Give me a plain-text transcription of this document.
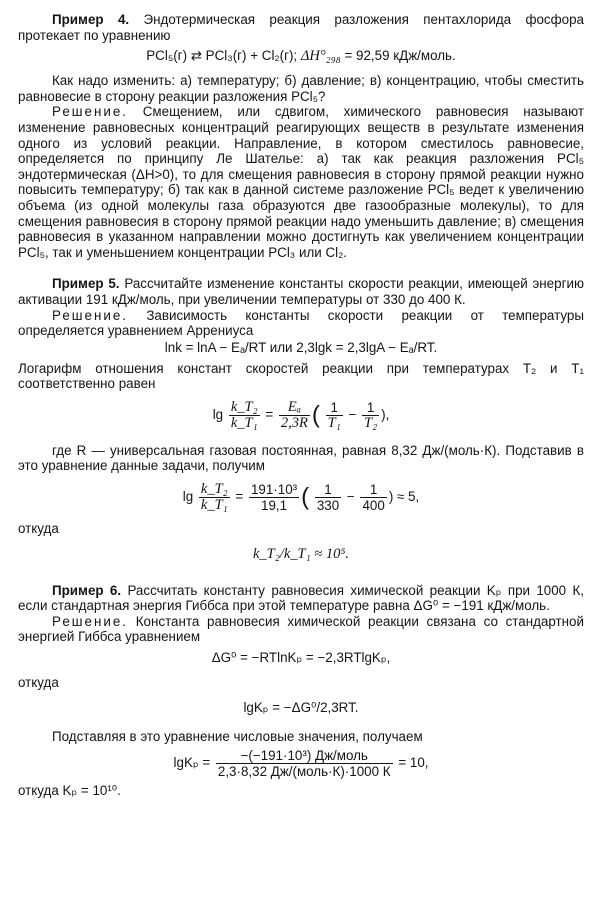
Пример 4. Эндотермическая реакция разложения пентахлорида фосфора протекает по уравнению

PCl₅(г) ⇄ PCl₃(г) + Cl₂(г); ΔH°₂₉₈ = 92,59 кДж/моль.

Как надо изменить: а) температуру; б) давление; в) концентрацию, чтобы сместить равновесие в сторону реакции разложения PCl₅?

Решение. Смещением, или сдвигом, химического равновесия называют изменение равновесных концентраций реагирующих веществ в результате изменения одного из условий реакции. Направление, в котором сместилось равновесие, определяется по принципу Ле Шателье: а) так как реакция разложения PCl₅ эндотермическая (ΔH>0), то для смещения равновесия в сторону прямой реакции нужно повысить температуру; б) так как в данной системе разложение PCl₅ ведет к увеличению объема (из одной молекулы газа образуются две газообразные молекулы), то для смещения равновесия в сторону прямой реакции надо уменьшить давление; в) смещения равновесия в указанном направлении можно достигнуть как увеличением концентрации PCl₅, так и уменьшением концентрации PCl₃ или Cl₂.

Пример 5. Рассчитайте изменение константы скорости реакции, имеющей энергию активации 191 кДж/моль, при увеличении температуры от 330 до 400 К.

Решение. Зависимость константы скорости реакции от температуры определяется уравнением Аррениуса

lnk = lnA − Eₐ/RT или 2,3lgk = 2,3lgA − Eₐ/RT.

Логарифм отношения констант скоростей реакции при температурах T₂ и T₁ соответственно равен

$\lg \frac{\text{k\_T₂}}{\text{k\_T₁}} = \frac{\text{Eₐ}}{2,3R}$ ( $\frac{1}{\text{T₁}} - \frac{1}{\text{T₂}}$ ),

где R — универсальная газовая постоянная, равная 8,32 Дж/(моль·К). Подставив в это уравнение данные задачи, получим

$\lg \frac{\text{k\_T₂}}{\text{k\_T₁}} = \frac{\text{191·10³}}{19,1}$ ( $\frac{1}{330} - \frac{1}{400}$ ) ≈ 5,

откуда

k_T₂/k_T₁ ≈ 10⁵.

Пример 6. Рассчитать константу равновесия химической реакции Kₚ при 1000 К, если стандартная энергия Гиббса при этой температуре равна ΔG⁰ = −191 кДж/моль.

Решение. Константа равновесия химической реакции связана со стандартной энергией Гиббса уравнением

ΔG⁰ = −RTlnKₚ = −2,3RTlgKₚ,

откуда

lgKₚ = −ΔG⁰/2,3RT.

Подставляя в это уравнение числовые значения, получаем

$\lg K_p = \frac{\text{−(−191·10³) Дж/моль}}{\text{2,3·8,32 Дж/(моль·К)·1000 К}} = 10$,

откуда Kₚ = 10¹⁰.
